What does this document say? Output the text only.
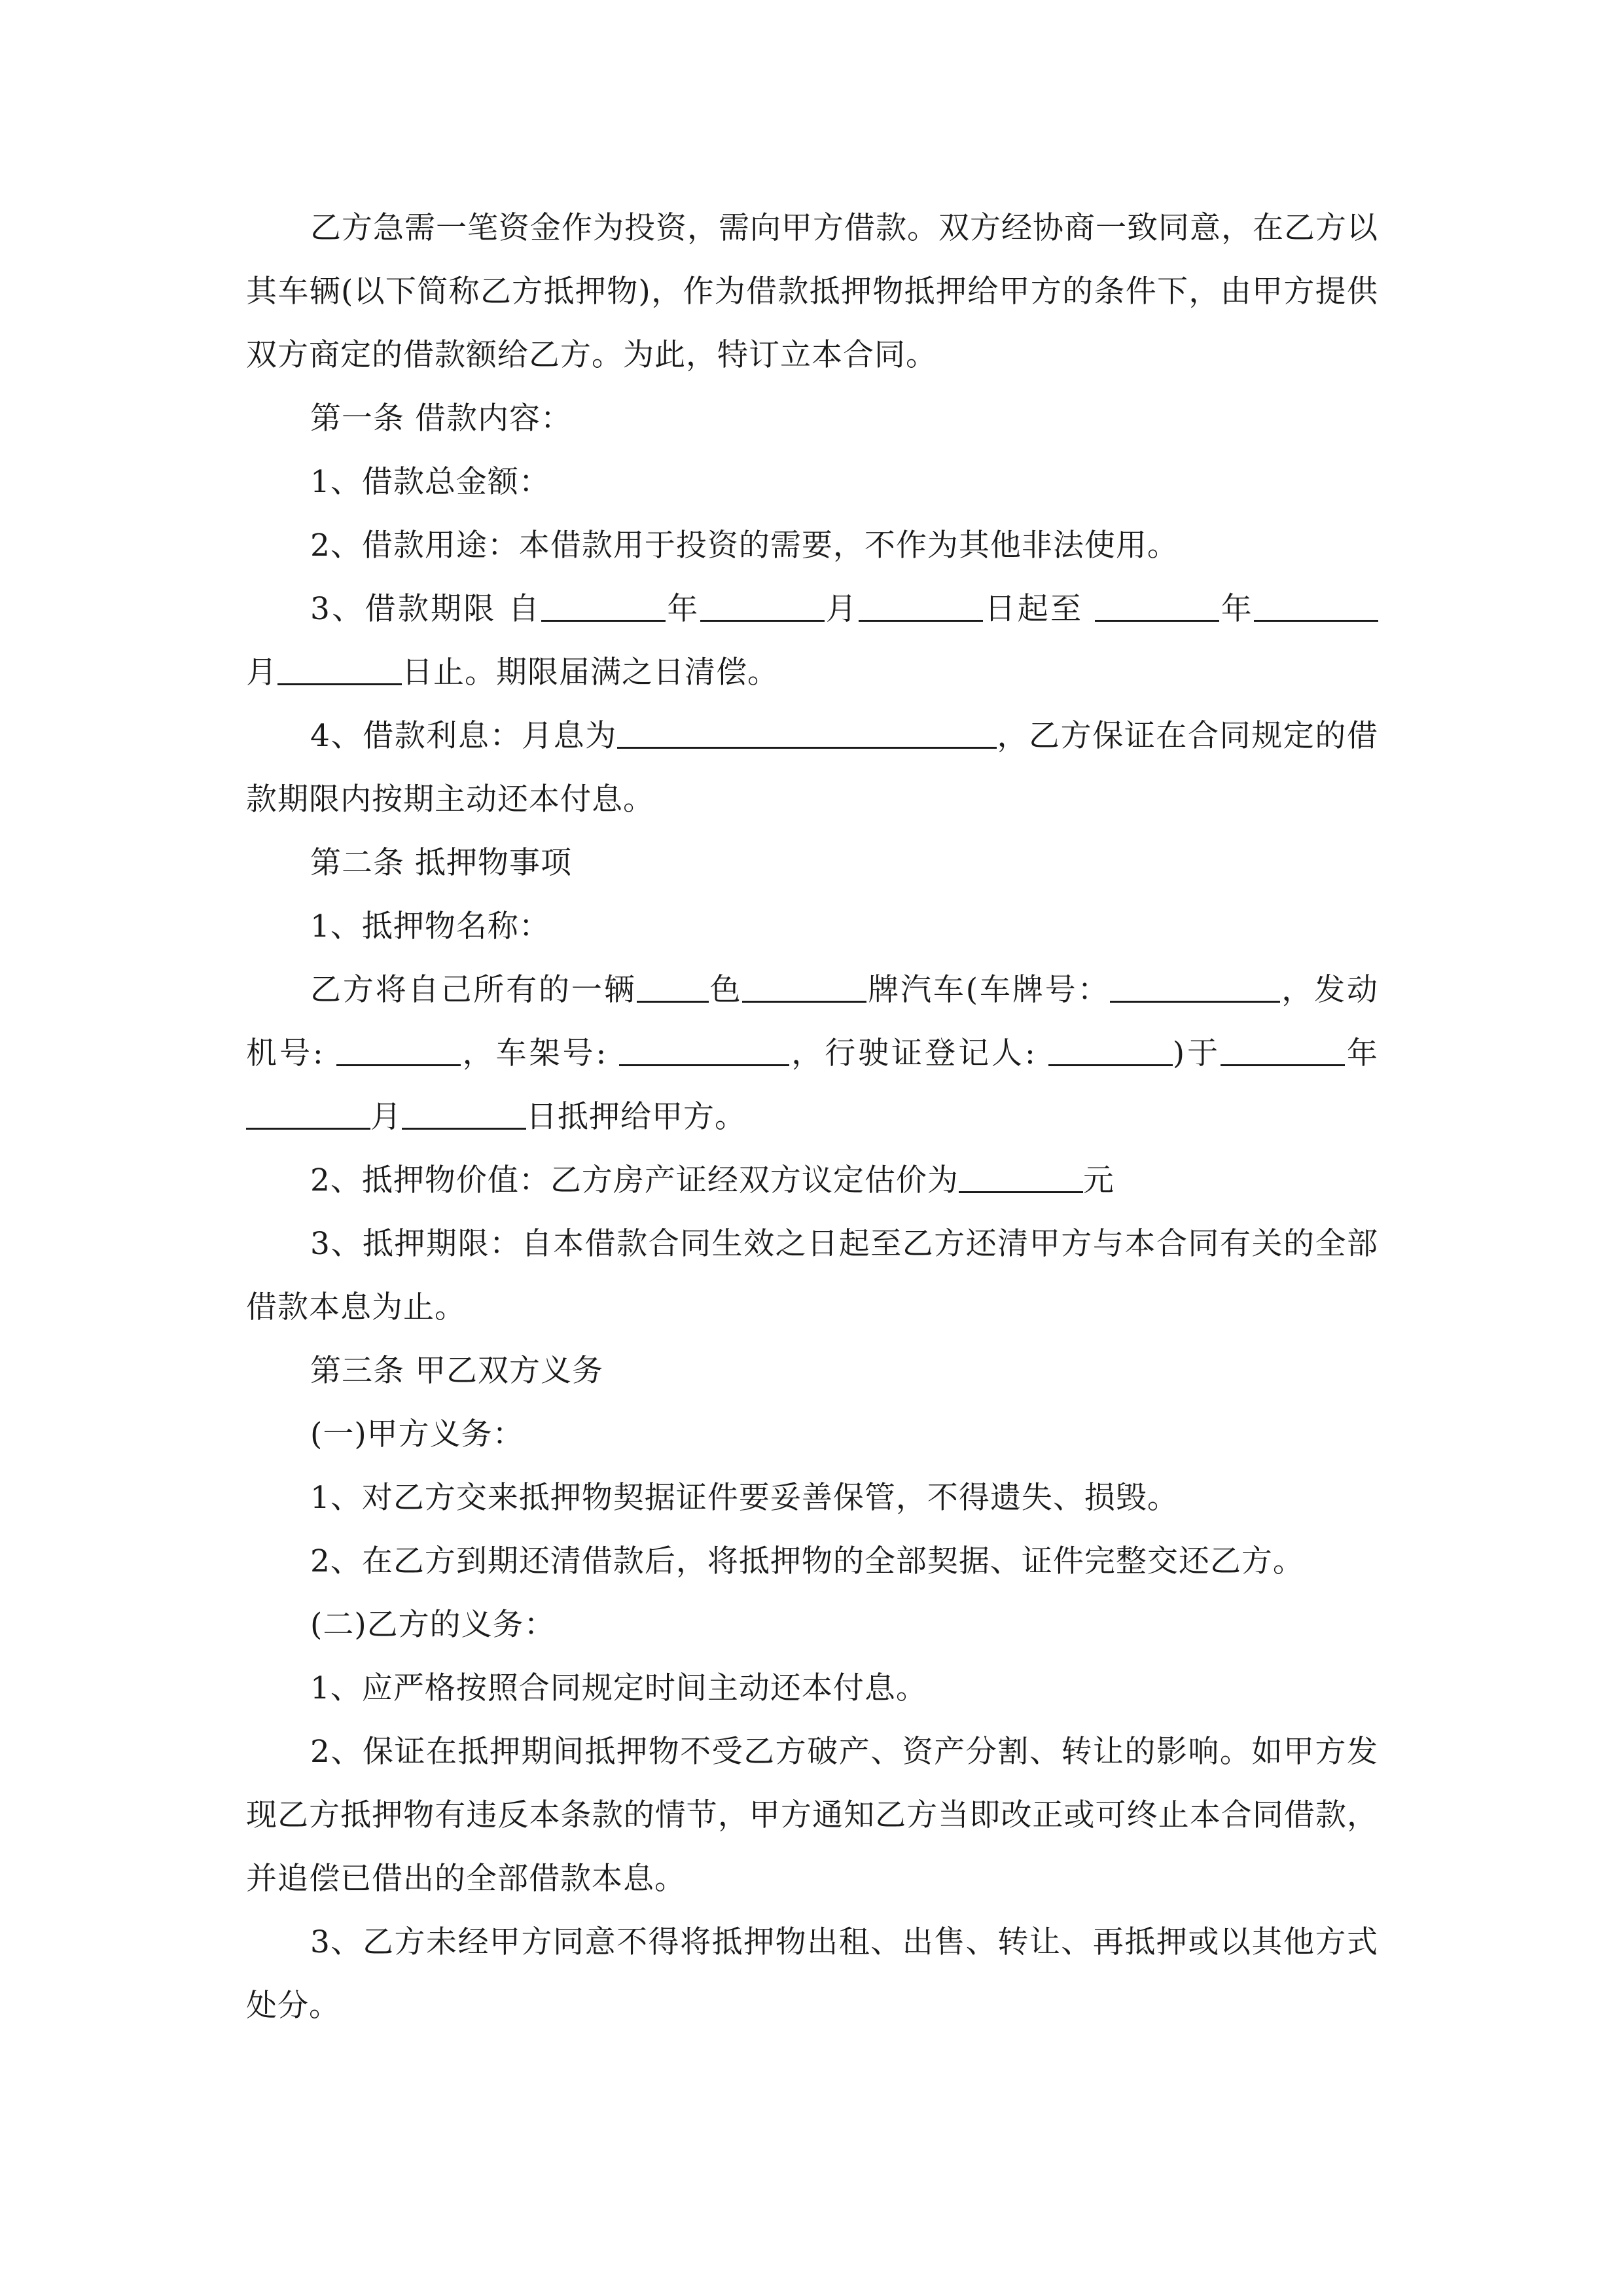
乙方急需一笔资金作为投资，需向甲方借款。双方经协商一致同意，在乙方以其车辆(以下简称乙方抵押物)，作为借款抵押物抵押给甲方的条件下，由甲方提供双方商定的借款额给乙方。为此，特订立本合同。

第一条 借款内容：

1、借款总金额：

2、借款用途：本借款用于投资的需要，不作为其他非法使用。

3、借款期限 自	年	月	日起至	年月	日止。期限届满之日清偿。

4、借款利息：月息为	，乙方保证在合同规定的借款期限内按期主动还本付息。

第二条 抵押物事项

1、抵押物名称：

乙方将自己所有的一辆 色	牌汽车(车牌号：	，发动机号:	，车架号:	，行驶证登记人:	)于	年月	日抵押给甲方。

2、抵押物价值：乙方房产证经双方议定估价为	元

3、抵押期限：自本借款合同生效之日起至乙方还清甲方与本合同有关的全部借款本息为止。

第三条 甲乙双方义务

(一)甲方义务：

1、对乙方交来抵押物契据证件要妥善保管，不得遗失、损毁。

2、在乙方到期还清借款后，将抵押物的全部契据、证件完整交还乙方。

(二)乙方的义务：

1、应严格按照合同规定时间主动还本付息。

2、保证在抵押期间抵押物不受乙方破产、资产分割、转让的影响。如甲方发现乙方抵押物有违反本条款的情节，甲方通知乙方当即改正或可终止本合同借款，并追偿已借出的全部借款本息。

3、乙方未经甲方同意不得将抵押物出租、出售、转让、再抵押或以其他方式处分。
